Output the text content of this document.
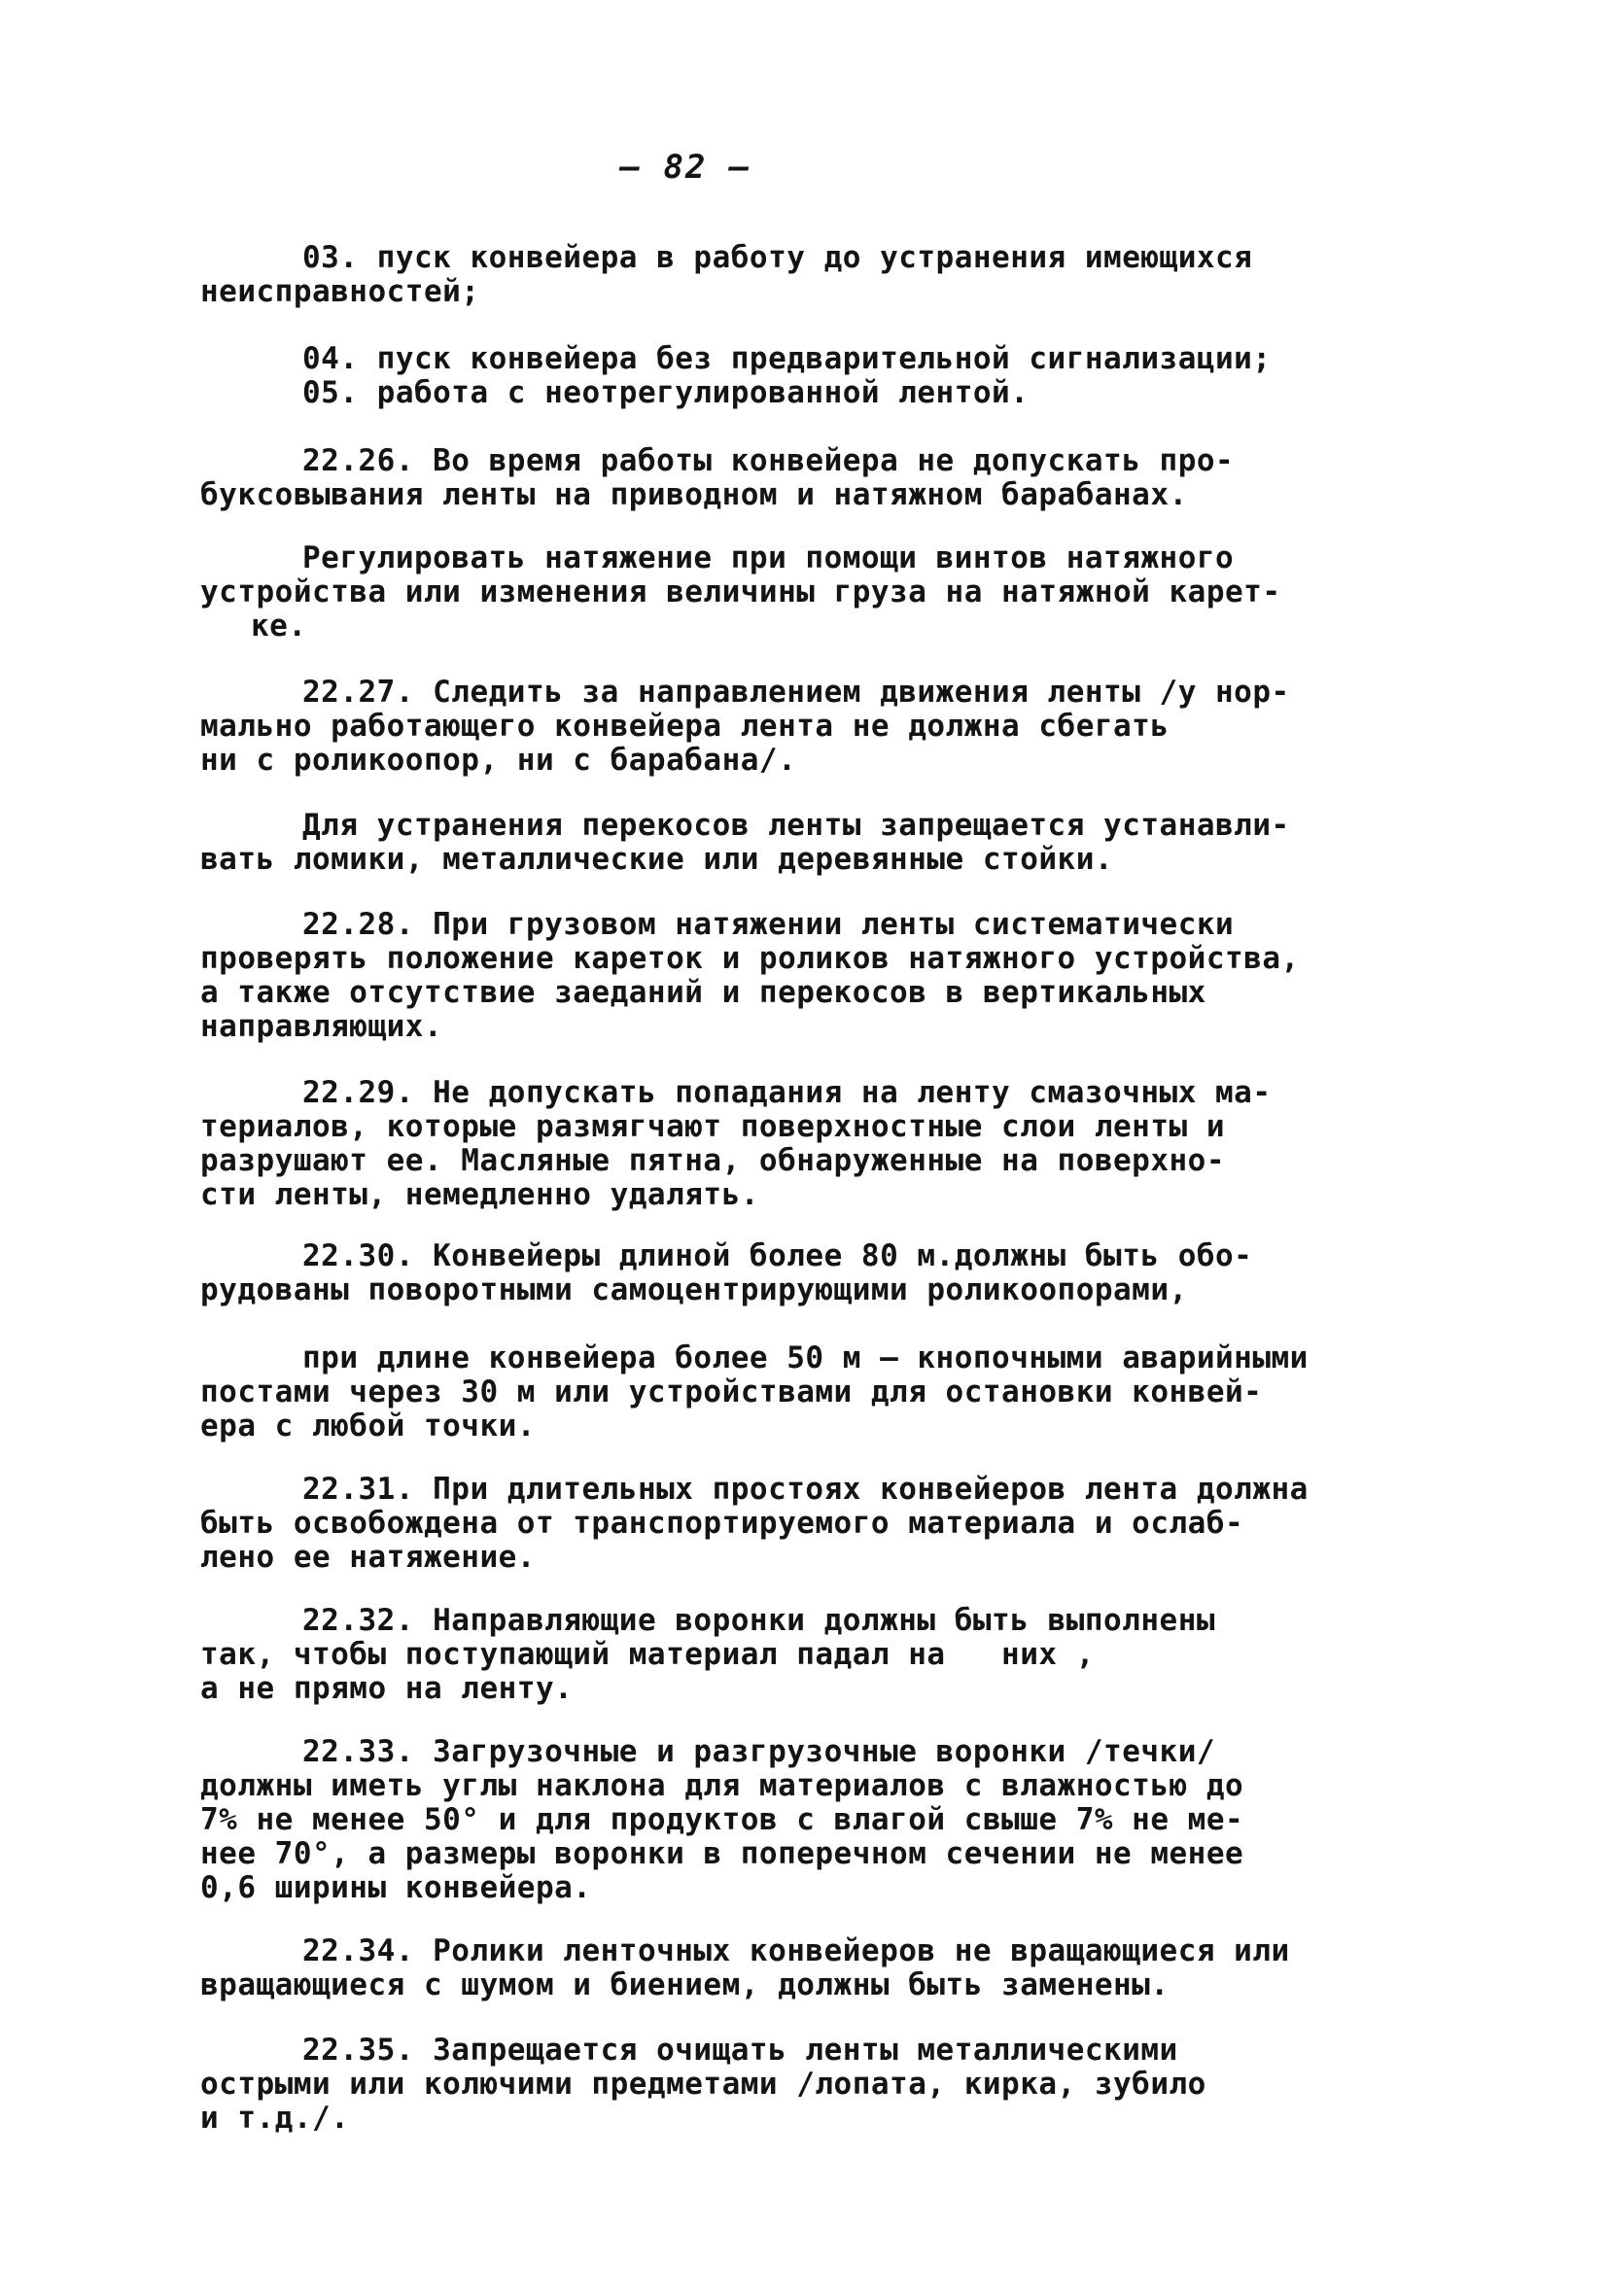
– 82 –
03. пуск конвейера в работу до устранения имеющихся
неисправностей;
04. пуск конвейера без предварительной сигнализации;
05. работа с неотрегулированной лентой.
22.26. Во время работы конвейера не допускать про-
буксовывания ленты на приводном и натяжном барабанах.
Регулировать натяжение при помощи винтов натяжного
устройства или изменения величины груза на натяжной карет-
ке.
22.27. Следить за направлением движения ленты /у нор-
мально работающего конвейера лента не должна сбегать
ни с роликоопор, ни с барабана/.
Для устранения перекосов ленты запрещается устанавли-
вать ломики, металлические или деревянные стойки.
22.28. При грузовом натяжении ленты систематически
проверять положение кареток и роликов натяжного устройства,
а также отсутствие заеданий и перекосов в вертикальных
направляющих.
22.29. Не допускать попадания на ленту смазочных ма-
териалов, которые размягчают поверхностные слои ленты и
разрушают ее. Масляные пятна, обнаруженные на поверхно-
сти ленты, немедленно удалять.
22.30. Конвейеры длиной более 80 м.должны быть обо-
рудованы поворотными самоцентрирующими роликоопорами,
при длине конвейера более 50 м – кнопочными аварийными
постами через 30 м или устройствами для остановки конвей-
ера с любой точки.
22.31. При длительных простоях конвейеров лента должна
быть освобождена от транспортируемого материала и ослаб-
лено ее натяжение.
22.32. Направляющие воронки должны быть выполнены
так, чтобы поступающий материал падал на   них ,
а не прямо на ленту.
22.33. Загрузочные и разгрузочные воронки /течки/
должны иметь углы наклона для материалов с влажностью до
7% не менее 50° и для продуктов с влагой свыше 7% не ме-
нее 70°, а размеры воронки в поперечном сечении не менее
0,6 ширины конвейера.
22.34. Ролики ленточных конвейеров не вращающиеся или
вращающиеся с шумом и биением, должны быть заменены.
22.35. Запрещается очищать ленты металлическими
острыми или колючими предметами /лопата, кирка, зубило
и т.д./.
